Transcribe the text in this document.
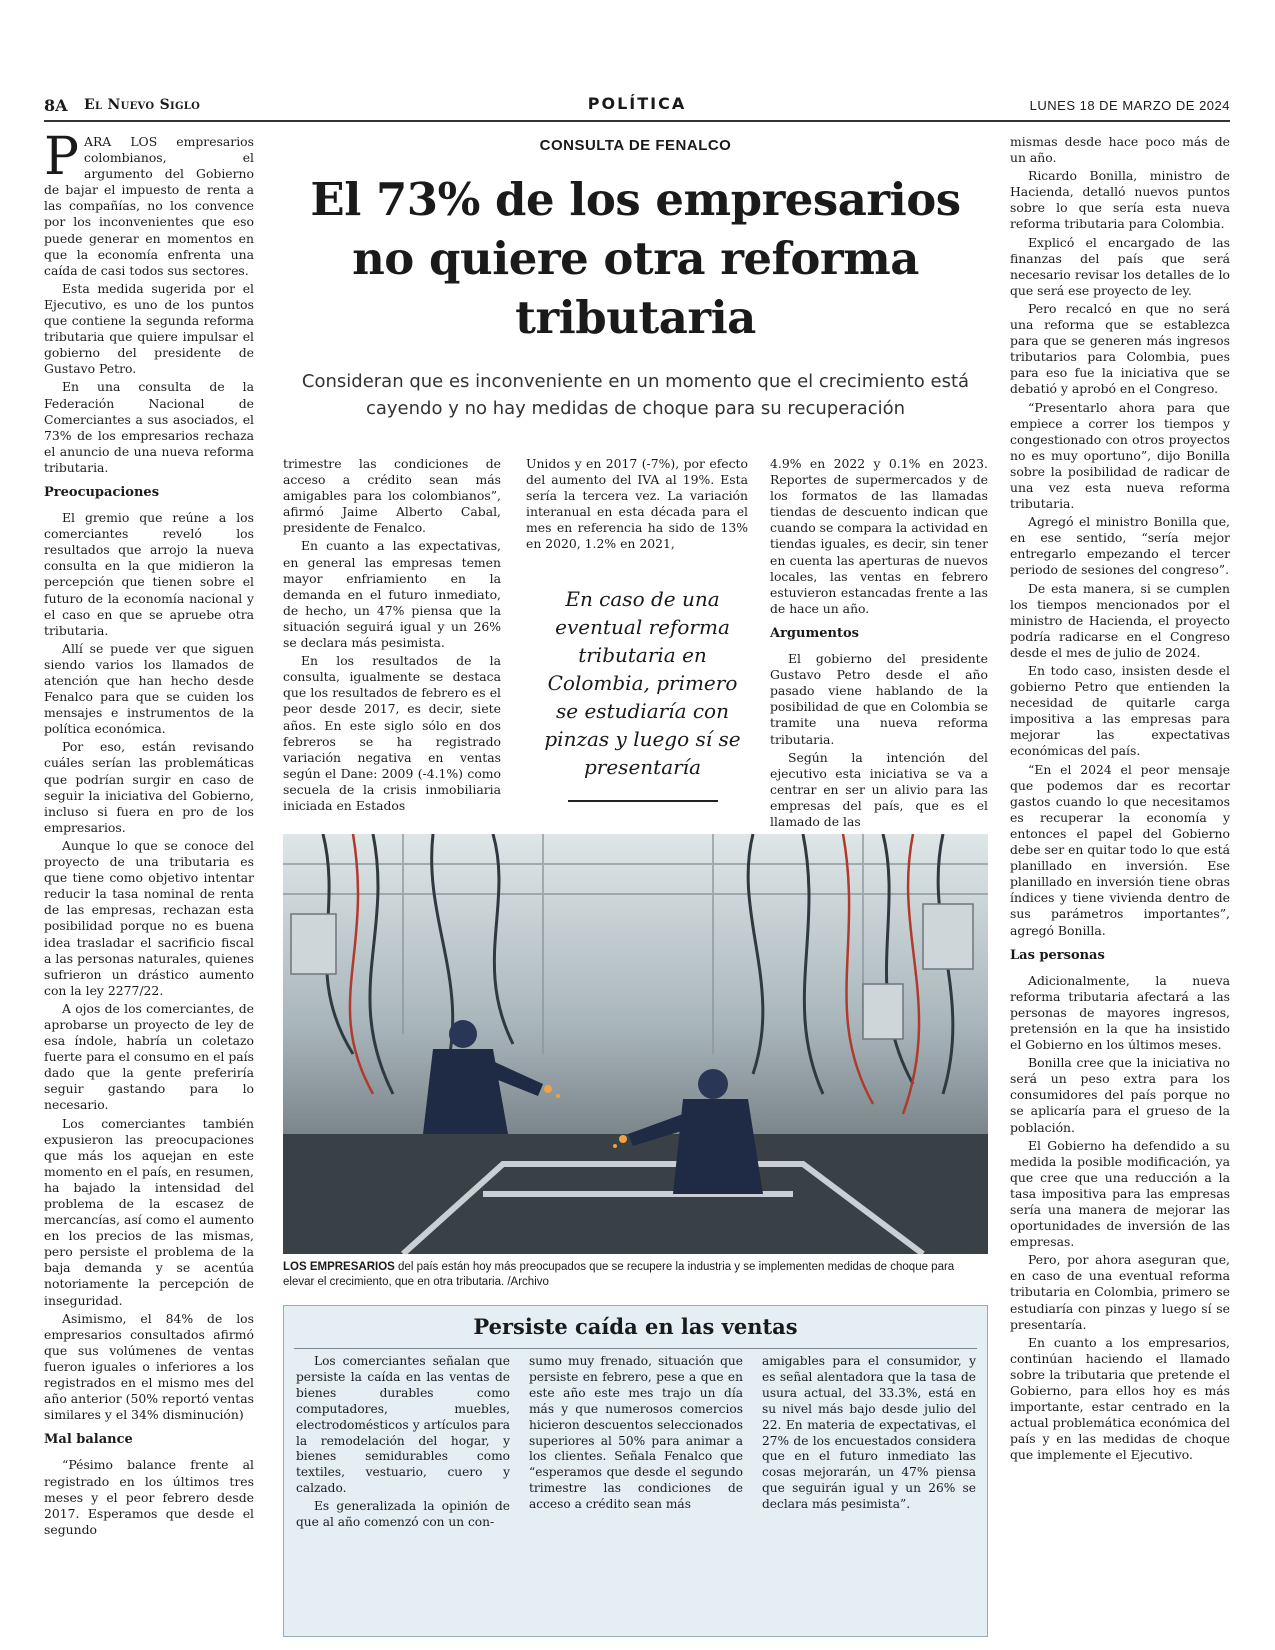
8A El Nuevo Siglo	POLÍTICA	LUNES 18 DE MARZO DE 2024

PARA LOS empresarios colombianos, el argumento del Gobierno de bajar el impuesto de renta a las compañías, no los convence por los inconvenientes que eso puede generar en momentos en que la economía enfrenta una caída de casi todos sus sectores.

Esta medida sugerida por el Ejecutivo, es uno de los puntos que contiene la segunda reforma tributaria que quiere impulsar el gobierno del presidente de Gustavo Petro.

En una consulta de la Federación Nacional de Comerciantes a sus asociados, el 73% de los empresarios rechaza el anuncio de una nueva reforma tributaria.

Preocupaciones

El gremio que reúne a los comerciantes reveló los resultados que arrojo la nueva consulta en la que midieron la percepción que tienen sobre el futuro de la economía nacional y el caso en que se apruebe otra tributaria.

Allí se puede ver que siguen siendo varios los llamados de atención que han hecho desde Fenalco para que se cuiden los mensajes e instrumentos de la política económica.

Por eso, están revisando cuáles serían las problemáticas que podrían surgir en caso de seguir la iniciativa del Gobierno, incluso si fuera en pro de los empresarios.

Aunque lo que se conoce del proyecto de una tributaria es que tiene como objetivo intentar reducir la tasa nominal de renta de las empresas, rechazan esta posibilidad porque no es buena idea trasladar el sacrificio fiscal a las personas naturales, quienes sufrieron un drástico aumento con la ley 2277/22.

A ojos de los comerciantes, de aprobarse un proyecto de ley de esa índole, habría un coletazo fuerte para el consumo en el país dado que la gente preferiría seguir gastando para lo necesario.

Los comerciantes también expusieron las preocupaciones que más los aquejan en este momento en el país, en resumen, ha bajado la intensidad del problema de la escasez de mercancías, así como el aumento en los precios de las mismas, pero persiste el problema de la baja demanda y se acentúa notoriamente la percepción de inseguridad.

Asimismo, el 84% de los empresarios consultados afirmó que sus volúmenes de ventas fueron iguales o inferiores a los registrados en el mismo mes del año anterior (50% reportó ventas similares y el 34% disminución)

Mal balance

“Pésimo balance frente al registrado en los últimos tres meses y el peor febrero desde 2017. Esperamos que desde el segundo

CONSULTA DE FENALCO
El 73% de los empresarios no quiere otra reforma tributaria
Consideran que es inconveniente en un momento que el crecimiento está cayendo y no hay medidas de choque para su recuperación

trimestre las condiciones de acceso a crédito sean más amigables para los colombianos”, afirmó Jaime Alberto Cabal, presidente de Fenalco.

En cuanto a las expectativas, en general las empresas temen mayor enfriamiento en la demanda en el futuro inmediato, de hecho, un 47% piensa que la situación seguirá igual y un 26% se declara más pesimista.

En los resultados de la consulta, igualmente se destaca que los resultados de febrero es el peor desde 2017, es decir, siete años. En este siglo sólo en dos febreros se ha registrado variación negativa en ventas según el Dane: 2009 (-4.1%) como secuela de la crisis inmobiliaria iniciada en Estados

Unidos y en 2017 (-7%), por efecto del aumento del IVA al 19%. Esta sería la tercera vez. La variación interanual en esta década para el mes en referencia ha sido de 13% en 2020, 1.2% en 2021,

En caso de una eventual reforma tributaria en Colombia, primero se estudiaría con pinzas y luego sí se presentaría

4.9% en 2022 y 0.1% en 2023. Reportes de supermercados y de los formatos de las llamadas tiendas de descuento indican que cuando se compara la actividad en tiendas iguales, es decir, sin tener en cuenta las aperturas de nuevos locales, las ventas en febrero estuvieron estancadas frente a las de hace un año.

Argumentos

El gobierno del presidente Gustavo Petro desde el año pasado viene hablando de la posibilidad de que en Colombia se tramite una nueva reforma tributaria.

Según la intención del ejecutivo esta iniciativa se va a centrar en ser un alivio para las empresas del país, que es el llamado de las

mismas desde hace poco más de un año.

Ricardo Bonilla, ministro de Hacienda, detalló nuevos puntos sobre lo que sería esta nueva reforma tributaria para Colombia.

Explicó el encargado de las finanzas del país que será necesario revisar los detalles de lo que será ese proyecto de ley.

Pero recalcó en que no será una reforma que se establezca para que se generen más ingresos tributarios para Colombia, pues para eso fue la iniciativa que se debatió y aprobó en el Congreso.

“Presentarlo ahora para que empiece a correr los tiempos y congestionado con otros proyectos no es muy oportuno”, dijo Bonilla sobre la posibilidad de radicar de una vez esta nueva reforma tributaria.

Agregó el ministro Bonilla que, en ese sentido, “sería mejor entregarlo empezando el tercer periodo de sesiones del congreso”.

De esta manera, si se cumplen los tiempos mencionados por el ministro de Hacienda, el proyecto podría radicarse en el Congreso desde el mes de julio de 2024.

En todo caso, insisten desde el gobierno Petro que entienden la necesidad de quitarle carga impositiva a las empresas para mejorar las expectativas económicas del país.

“En el 2024 el peor mensaje que podemos dar es recortar gastos cuando lo que necesitamos es recuperar la economía y entonces el papel del Gobierno debe ser en quitar todo lo que está planillado en inversión. Ese planillado en inversión tiene obras índices y tiene vivienda dentro de sus parámetros importantes”, agregó Bonilla.

Las personas

Adicionalmente, la nueva reforma tributaria afectará a las personas de mayores ingresos, pretensión en la que ha insistido el Gobierno en los últimos meses.

Bonilla cree que la iniciativa no será un peso extra para los consumidores del país porque no se aplicaría para el grueso de la población.

El Gobierno ha defendido a su medida la posible modificación, ya que cree que una reducción a la tasa impositiva para las empresas sería una manera de mejorar las oportunidades de inversión de las empresas.

Pero, por ahora aseguran que, en caso de una eventual reforma tributaria en Colombia, primero se estudiaría con pinzas y luego sí se presentaría.

En cuanto a los empresarios, continúan haciendo el llamado sobre la tributaria que pretende el Gobierno, para ellos hoy es más importante, estar centrado en la actual problemática económica del país y en las medidas de choque que implemente el Ejecutivo.

LOS EMPRESARIOS del país están hoy más preocupados que se recupere la industria y se implementen medidas de choque para elevar el crecimiento, que en otra tributaria. /Archivo
Persiste caída en las ventas

Los comerciantes señalan que persiste la caída en las ventas de bienes durables como computadores, muebles, electrodomésticos y artículos para la remodelación del hogar, y bienes semidurables como textiles, vestuario, cuero y calzado.

Es generalizada la opinión de que al año comenzó con un con-

sumo muy frenado, situación que persiste en febrero, pese a que en este año este mes trajo un día más y que numerosos comercios hicieron descuentos seleccionados superiores al 50% para animar a los clientes. Señala Fenalco que “esperamos que desde el segundo trimestre las condiciones de acceso a crédito sean más

amigables para el consumidor, y es señal alentadora que la tasa de usura actual, del 33.3%, está en su nivel más bajo desde julio del 22. En materia de expectativas, el 27% de los encuestados considera que en el futuro inmediato las cosas mejorarán, un 47% piensa que seguirán igual y un 26% se declara más pesimista”.
